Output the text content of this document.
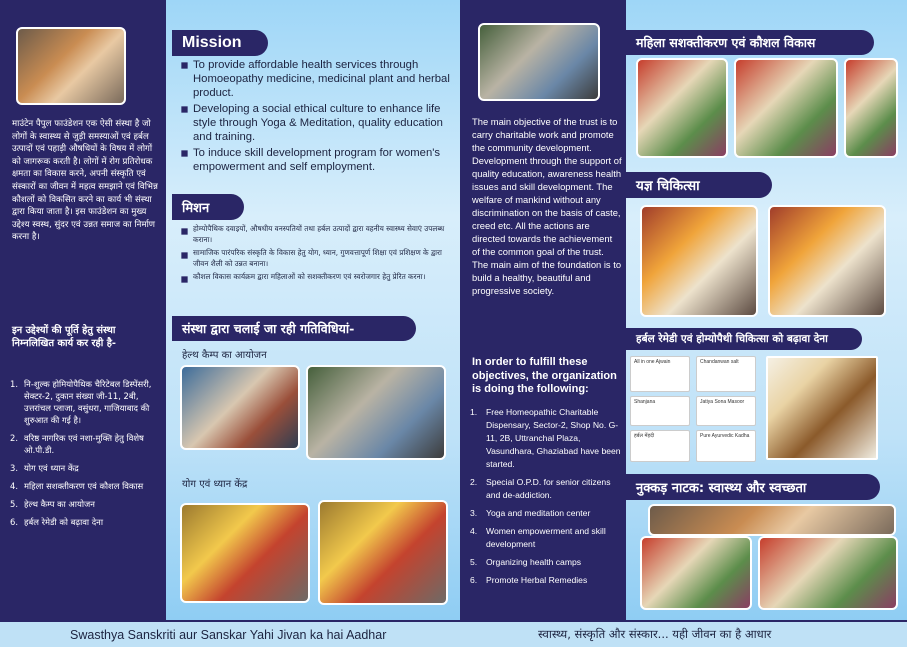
माउंटेन पैपुल फाउंडेशन एक ऐसी संस्था है जो लोगों के स्वास्थ्य से जुड़ी समस्याओं एवं हर्बल उत्पादों एवं पहाड़ी औषधियों के विषय में लोगों को जागरूक करती है। लोगों में रोग प्रतिरोधक क्षमता का विकास करने, अपनी संस्कृति एवं संस्कारों का जीवन में महत्व समझाने एवं विभिन्न कौशलों को विकसित करने का कार्य भी संस्था द्वारा किया जाता है। इस फाउंडेशन का मुख्य उद्देश्य स्वस्थ, सुंदर एवं उन्नत समाज का निर्माण करना है।
इन उद्देश्यों की पूर्ति हेतु संस्था निम्नलिखित कार्य कर रही है-
1. नि-शुल्क होमियोपैथिक चैरिटेबल डिस्पेंसरी, सेक्टर-2, दुकान संख्या जी-11, 2बी, उत्तरांचल प्लाजा, वसुंधरा, गाजियाबाद की शुरुआत की गई है।
2. वरिष्ठ नागरिक एवं नशा-मुक्ति हेतु विशेष ओ.पी.डी.
3. योग एवं ध्यान केंद्र
4. महिला सशक्तीकरण एवं कौशल विकास
5. हेल्थ कैम्प का आयोजन
6. हर्बल रेमेडी को बढ़ावा देना
Mission
To provide affordable health services through Homoeopathy medicine, medicinal plant and herbal product.
Developing a social ethical culture to enhance life style through Yoga & Meditation, quality education and training.
To induce skill development program for women's empowerment and self employment.
मिशन
होम्योपैथिक दवाइयों, औषधीय वनस्पतियों तथा हर्बल उत्पादों द्वारा वहनीय स्वास्थ्य सेवाएं उपलब्ध कराना।
सामाजिक पारंपरिक संस्कृति के विकास हेतु योग, ध्यान, गुणवत्तापूर्ण शिक्षा एवं प्रशिक्षण के द्वारा जीवन शैली को उन्नत बनाना।
कौशल विकास कार्यक्रम द्वारा महिलाओं को सशक्तीकरण एवं स्वरोजगार हेतु प्रेरित करना।
संस्था द्वारा चलाई जा रही गतिविधियां-
हेल्थ कैम्प का आयोजन
योग एवं ध्यान केंद्र
The main objective of the trust is to carry charitable work and promote the community development. Development through the support of quality education, awareness health issues and skill development. The welfare of mankind without any discrimination on the basis of caste, creed etc. All the actions are directed towards the achievement of the common goal of the trust. The main aim of the foundation is to build a healthy, beautiful and progressive society.
In order to fulfill these objectives, the organization is doing the following:
1.	Free Homeopathic Charitable Dispensary, Sector-2, Shop No. G-11, 2B, Uttranchal Plaza, Vasundhara, Ghaziabad have been started.
2.	Special O.P.D. for senior citizens and de-addiction.
3.	Yoga and meditation center
4.	Women empowerment and skill development
5.	Organizing health camps
6.	Promote Herbal Remedies
महिला सशक्तीकरण एवं कौशल विकास
यज्ञ चिकित्सा
हर्बल रेमेडी एवं होम्योपैथी चिकित्सा को बढ़ावा देना
All in one Ajwain	Chandanwan salt
Shanjana	Jatiya Sona Masoor
हर्बल मेंहदी	Pure Ayurvedic Kadha
नुक्कड़ नाटक: स्वास्थ्य और स्वच्छता
Swasthya Sanskriti aur Sanskar Yahi Jivan ka hai Aadhar	स्वास्थ्य, संस्कृति और संस्कार... यही जीवन का है आधार
